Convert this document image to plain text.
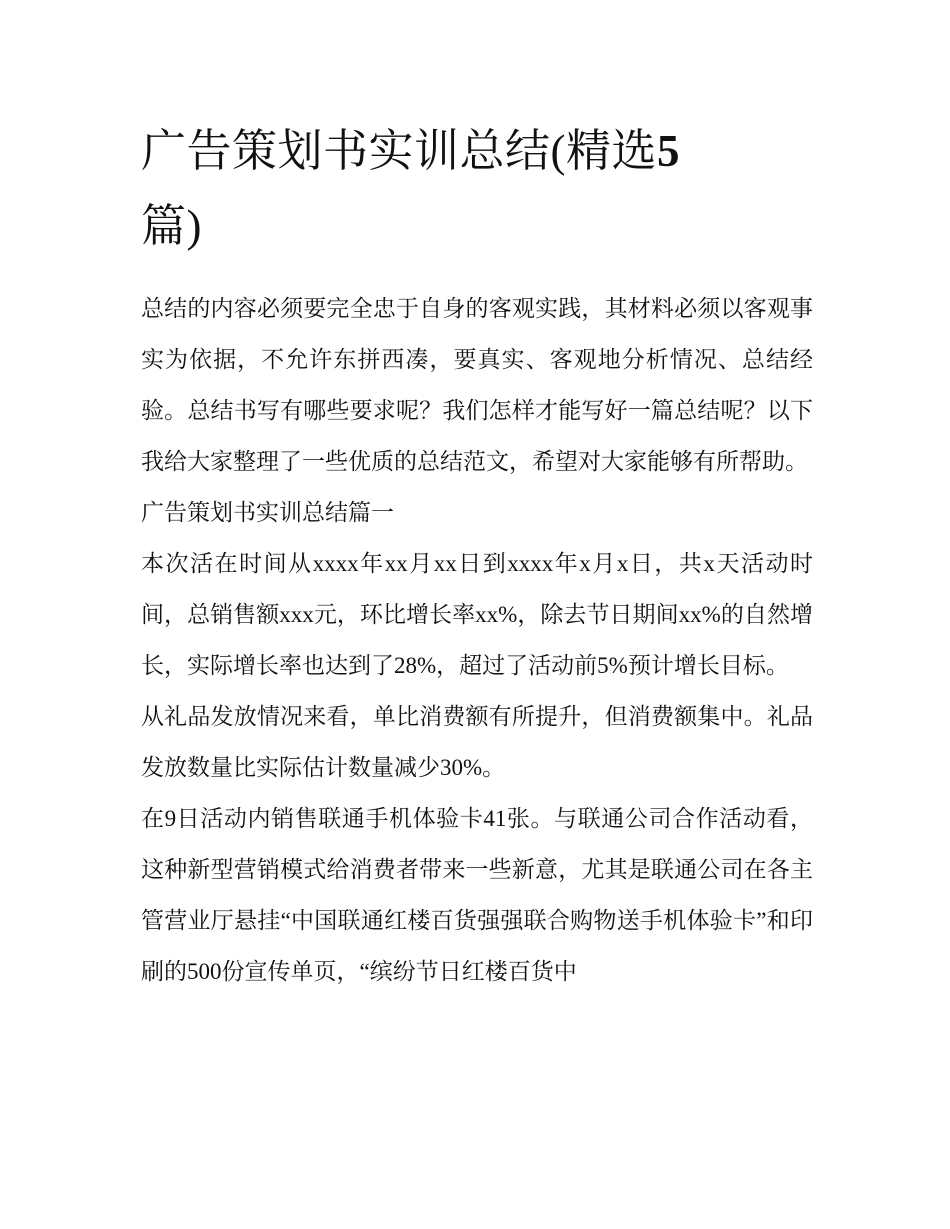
广告策划书实训总结(精选5
篇)

总结的内容必须要完全忠于自身的客观实践，其材料必须以客观事实为依据，不允许东拼西凑，要真实、客观地分析情况、总结经验。总结书写有哪些要求呢？我们怎样才能写好一篇总结呢？以下我给大家整理了一些优质的总结范文，希望对大家能够有所帮助。

广告策划书实训总结篇一

本次活在时间从xxxx年xx月xx日到xxxx年x月x日，共x天活动时间，总销售额xxx元，环比增长率xx%，除去节日期间xx%的自然增长，实际增长率也达到了28%，超过了活动前5%预计增长目标。

从礼品发放情况来看，单比消费额有所提升，但消费额集中。礼品发放数量比实际估计数量减少30%。

在9日活动内销售联通手机体验卡41张。与联通公司合作活动看，这种新型营销模式给消费者带来一些新意，尤其是联通公司在各主管营业厅悬挂“中国联通红楼百货强强联合购物送手机体验卡”和印刷的500份宣传单页，“缤纷节日红楼百货中
